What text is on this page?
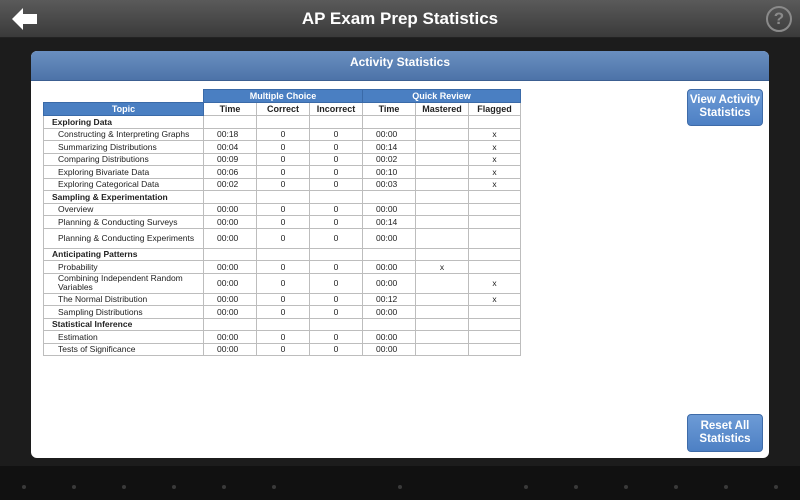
AP Exam Prep Statistics	?
Activity Statistics
	Multiple Choice			Quick Review		
Topic	Time	Correct	Incorrect	Time	Mastered	Flagged
Exploring Data						
Constructing & Interpreting Graphs	00:18	0	0	00:00		x
Summarizing Distributions	00:04	0	0	00:14		x
Comparing Distributions	00:09	0	0	00:02		x
Exploring Bivariate Data	00:06	0	0	00:10		x
Exploring Categorical Data	00:02	0	0	00:03		x
Sampling & Experimentation						
Overview	00:00	0	0	00:00		
Planning & Conducting Surveys	00:00	0	0	00:14		
Planning & Conducting Experiments	00:00	0	0	00:00		
Anticipating Patterns						
Probability	00:00	0	0	00:00	x	
Combining Independent Random Variables	00:00	0	0	00:00		x
The Normal Distribution	00:00	0	0	00:12		x
Sampling Distributions	00:00	0	0	00:00		
Statistical Inference						
Estimation	00:00	0	0	00:00		
Tests of Significance	00:00	0	0	00:00		
View Activity Statistics
Reset All Statistics
